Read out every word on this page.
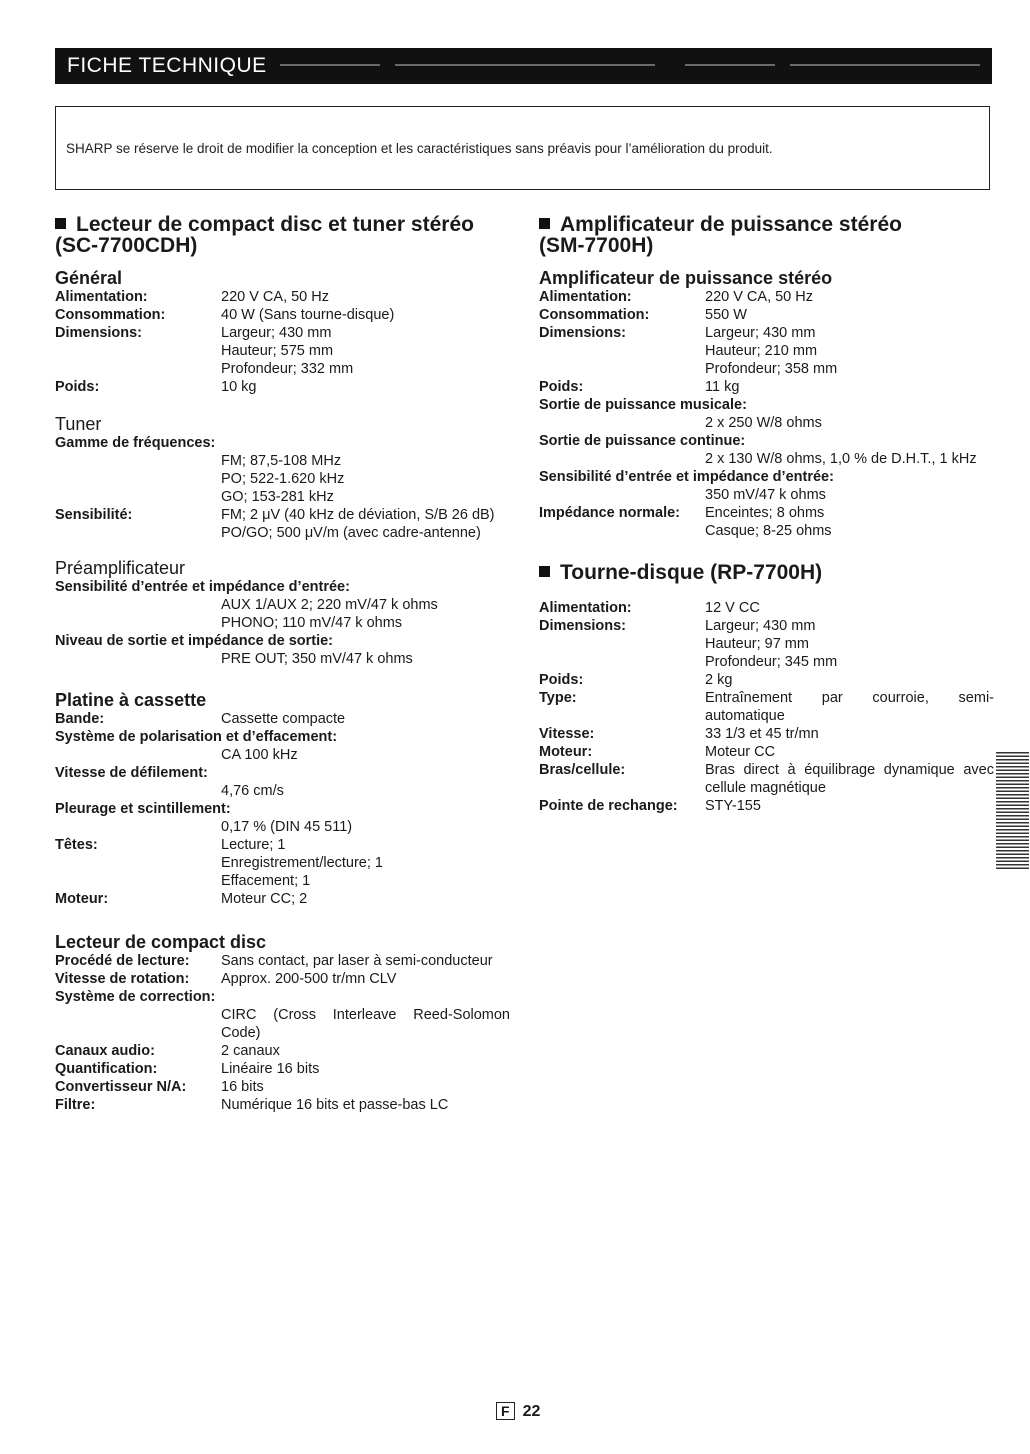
FICHE TECHNIQUE
SHARP se réserve le droit de modifier la conception et les caractéristiques sans préavis pour l’amélioration du produit.
Lecteur de compact disc et tuner stéréo
(SC-7700CDH)
Général
Alimentation:	220 V CA, 50 Hz
Consommation:	40 W (Sans tourne-disque)
Dimensions:	Largeur; 430 mm
Hauteur; 575 mm
Profondeur; 332 mm
Poids:	10 kg
Tuner
Gamme de fréquences:
FM; 87,5-108 MHz
PO; 522-1.620 kHz
GO; 153-281 kHz
Sensibilité:	FM; 2 μV (40 kHz de déviation, S/B 26 dB)
PO/GO; 500 μV/m (avec cadre-antenne)
Préamplificateur
Sensibilité d’entrée et impédance d’entrée:
AUX 1/AUX 2; 220 mV/47 k ohms
PHONO; 110 mV/47 k ohms
Niveau de sortie et impédance de sortie:
PRE OUT; 350 mV/47 k ohms
Platine à cassette
Bande:	Cassette compacte
Système de polarisation et d’effacement:
CA 100 kHz
Vitesse de défilement:
4,76 cm/s
Pleurage et scintillement:
0,17 % (DIN 45 511)
Têtes:	Lecture; 1
Enregistrement/lecture; 1
Effacement; 1
Moteur:	Moteur CC; 2
Lecteur de compact disc
Procédé de lecture:	Sans contact, par laser à semi-conducteur
Vitesse de rotation:	Approx. 200-500 tr/mn CLV
Système de correction:
CIRC (Cross Interleave Reed-Solomon Code)
Canaux audio:	2 canaux
Quantification:	Linéaire 16 bits
Convertisseur N/A:	16 bits
Filtre:	Numérique 16 bits et passe-bas LC
Amplificateur de puissance stéréo
(SM-7700H)
Amplificateur de puissance stéréo
Alimentation:	220 V CA, 50 Hz
Consommation:	550 W
Dimensions:	Largeur; 430 mm
Hauteur; 210 mm
Profondeur; 358 mm
Poids:	11 kg
Sortie de puissance musicale:
2 x 250 W/8 ohms
Sortie de puissance continue:
2 x 130 W/8 ohms, 1,0 % de D.H.T., 1 kHz
Sensibilité d’entrée et impédance d’entrée:
350 mV/47 k ohms
Impédance normale:	Enceintes; 8 ohms
Casque; 8-25 ohms
Tourne-disque (RP-7700H)
Alimentation:	12 V CC
Dimensions:	Largeur; 430 mm
Hauteur; 97 mm
Profondeur; 345 mm
Poids:	2 kg
Type:	Entraînement par courroie, semi-automatique
Vitesse:	33 1/3 et 45 tr/mn
Moteur:	Moteur CC
Bras/cellule:	Bras direct à équilibrage dynamique avec cellule magnétique
Pointe de rechange:	STY-155
F 22
